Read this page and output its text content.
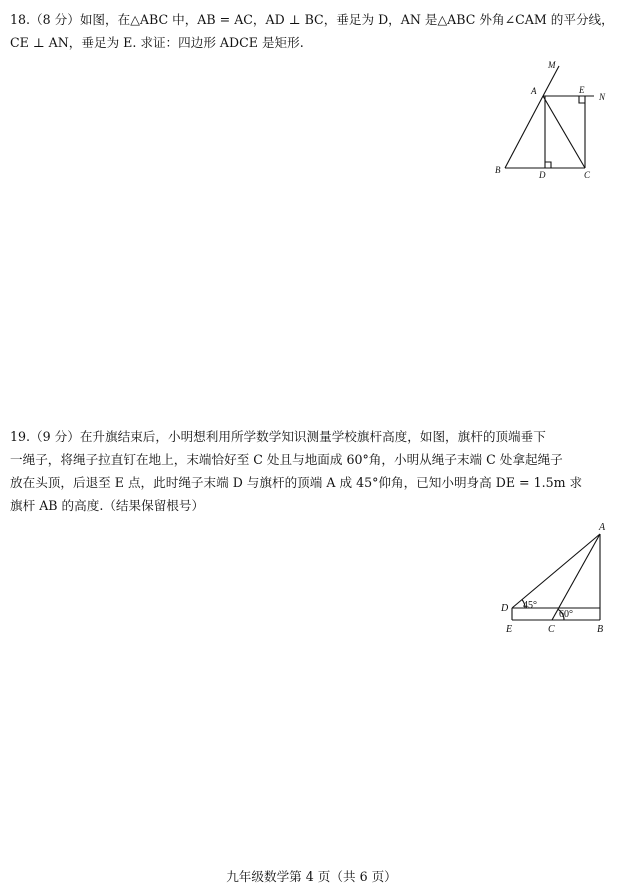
18.（8 分）如图，在△ABC 中，AB = AC，AD ⊥ BC，垂足为 D，AN 是△ABC 外角∠CAM 的平分线，
CE ⊥ AN，垂足为 E. 求证：四边形 ADCE 是矩形.
M
A	E
N
B	D	C
19.（9 分）在升旗结束后，小明想利用所学数学知识测量学校旗杆高度，如图，旗杆的顶端垂下
一绳子，将绳子拉直钉在地上，末端恰好至 C 处且与地面成 60°角，小明从绳子末端 C 处拿起绳子
放在头顶，后退至 E 点，此时绳子末端 D 与旗杆的顶端 A 成 45°仰角，已知小明身高 DE = 1.5m 求
旗杆 AB 的高度.（结果保留根号）
A
D 45°
60°
E	C	B
九年级数学第 4 页（共 6 页）
